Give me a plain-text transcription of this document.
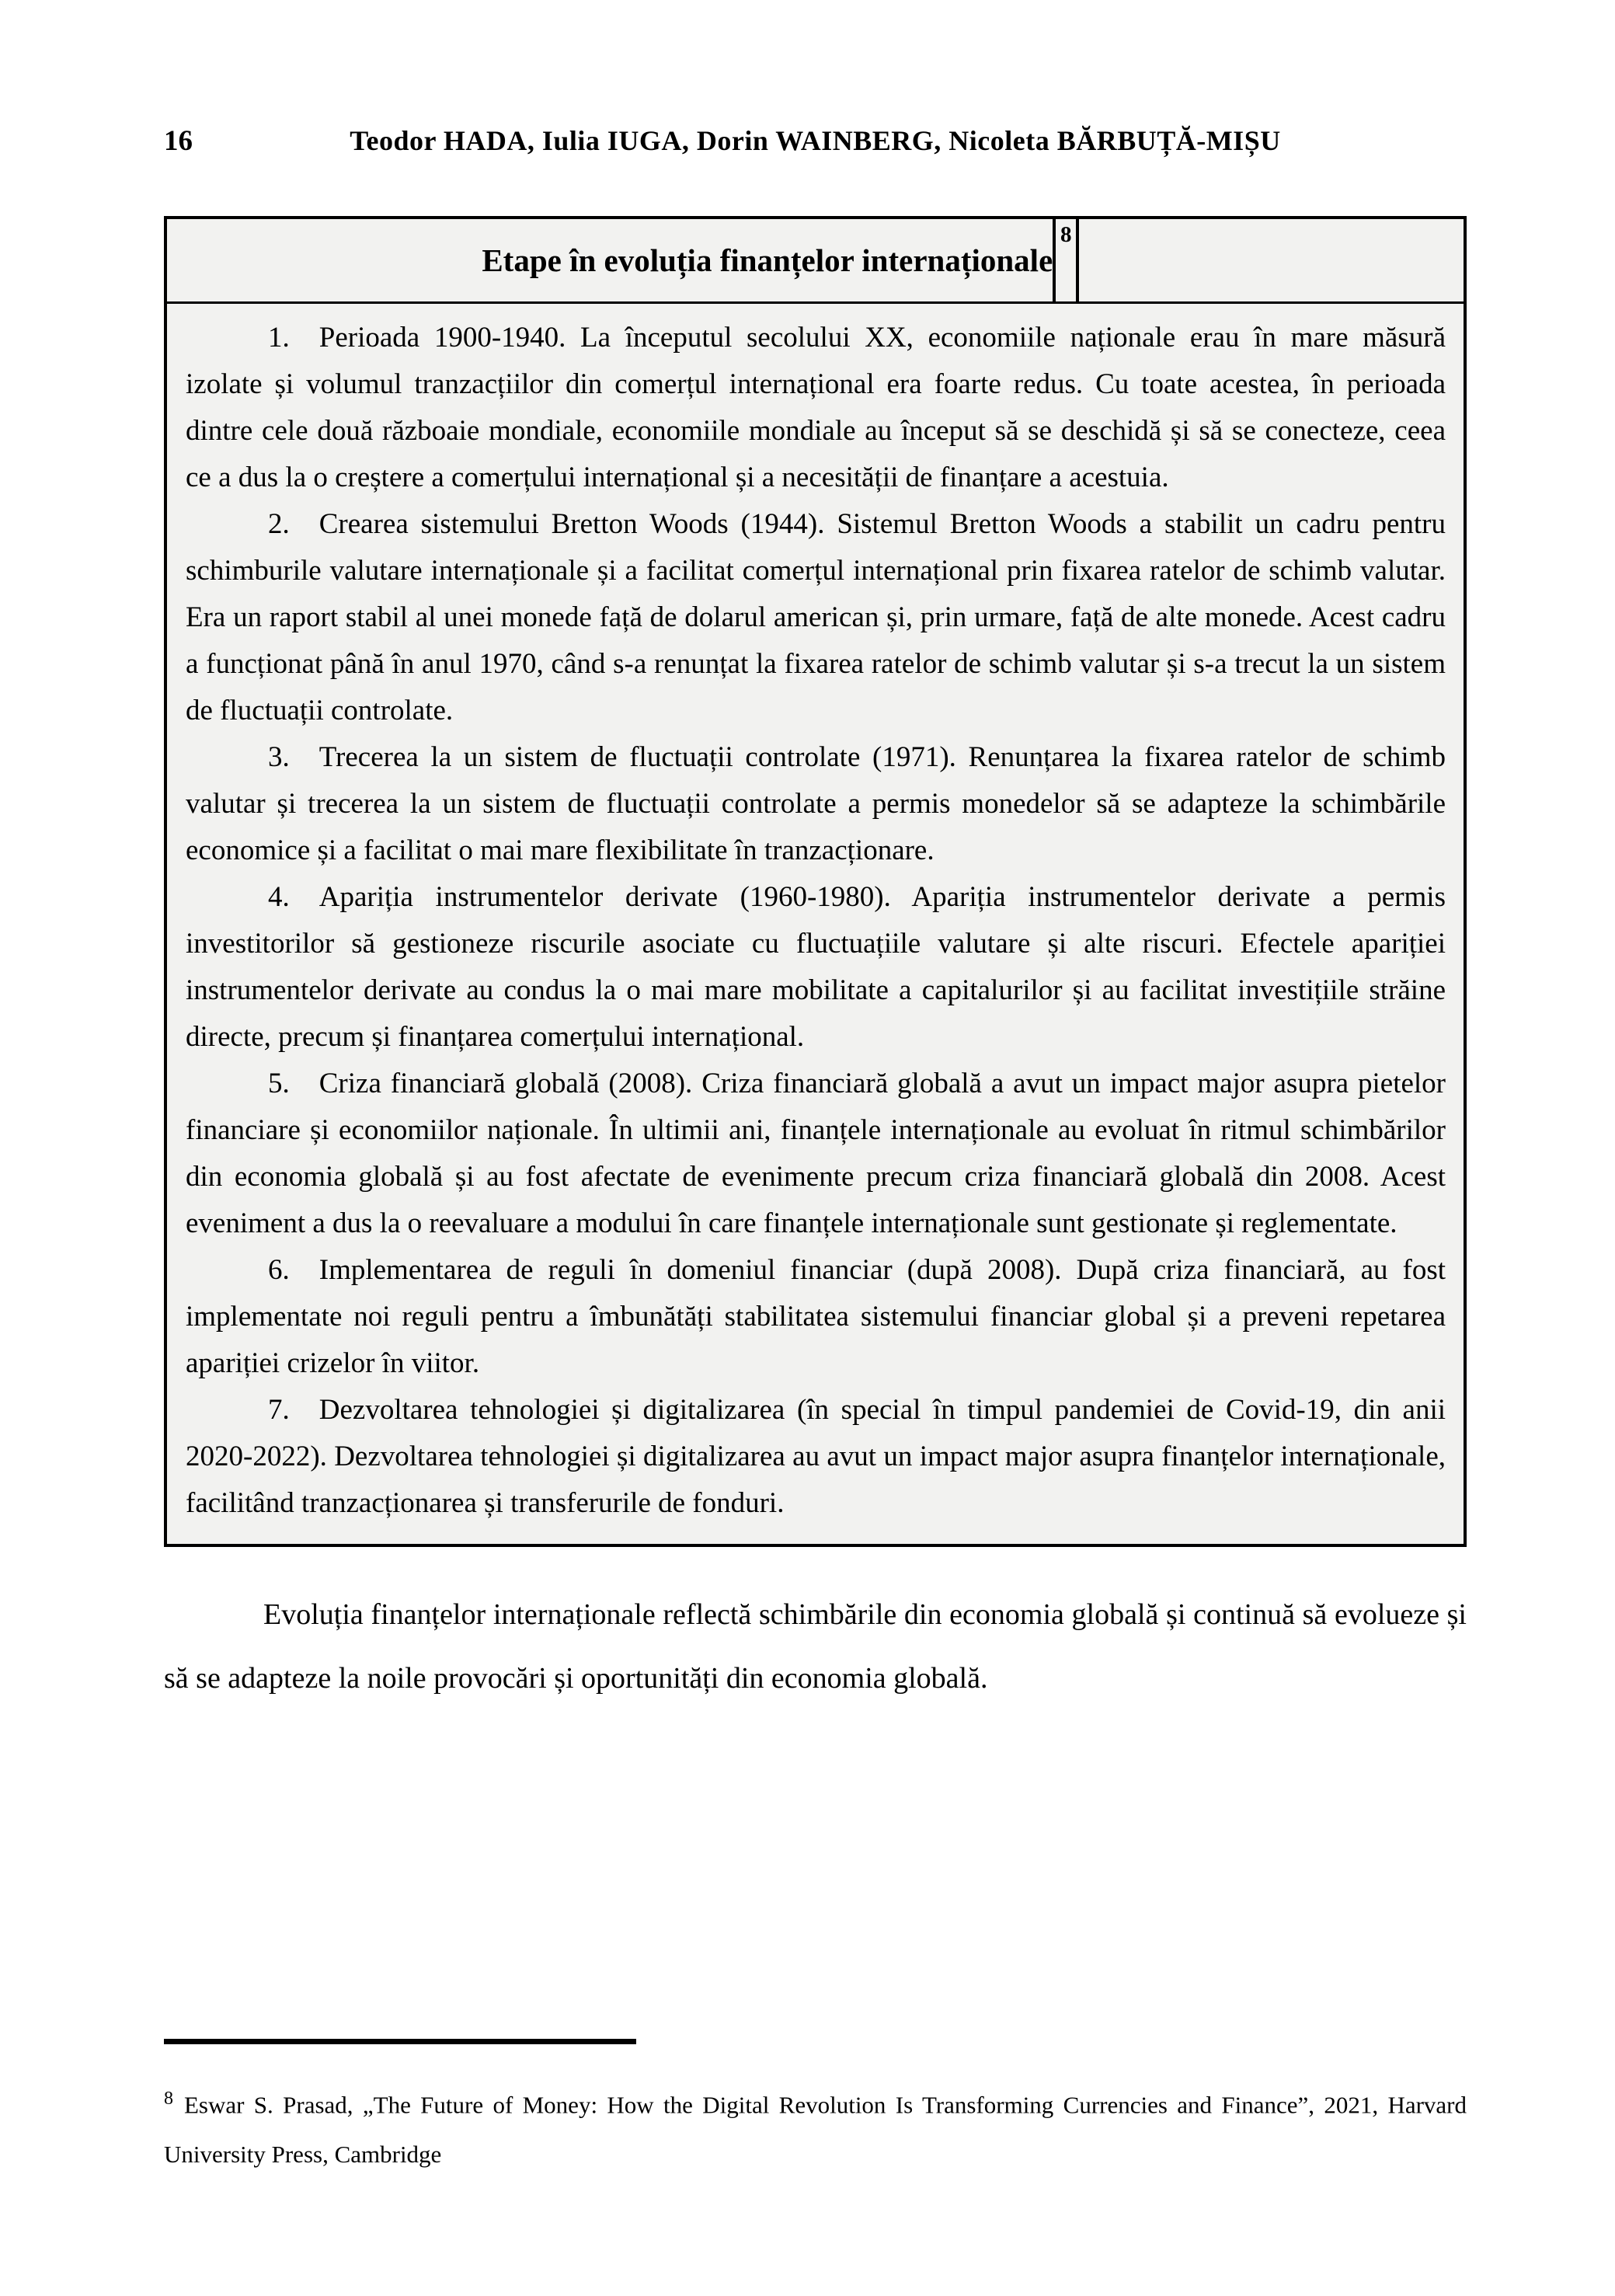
16	Teodor HADA, Iulia IUGA, Dorin WAINBERG, Nicoleta BĂRBUȚĂ-MIȘU
Etape în evoluția finanțelor internaționale
8

1. Perioada 1900-1940. La începutul secolului XX, economiile naționale erau în mare măsură izolate și volumul tranzacțiilor din comerțul internațional era foarte redus. Cu toate acestea, în perioada dintre cele două războaie mondiale, economiile mondiale au început să se deschidă și să se conecteze, ceea ce a dus la o creștere a comerțului internațional și a necesității de finanțare a acestuia.

2. Crearea sistemului Bretton Woods (1944). Sistemul Bretton Woods a stabilit un cadru pentru schimburile valutare internaționale și a facilitat comerțul internațional prin fixarea ratelor de schimb valutar. Era un raport stabil al unei monede față de dolarul american și, prin urmare, față de alte monede. Acest cadru a funcționat până în anul 1970, când s-a renunțat la fixarea ratelor de schimb valutar și s-a trecut la un sistem de fluctuații controlate.

3. Trecerea la un sistem de fluctuații controlate (1971). Renunțarea la fixarea ratelor de schimb valutar și trecerea la un sistem de fluctuații controlate a permis monedelor să se adapteze la schimbările economice și a facilitat o mai mare flexibilitate în tranzacționare.

4. Apariția instrumentelor derivate (1960-1980). Apariția instrumentelor derivate a permis investitorilor să gestioneze riscurile asociate cu fluctuațiile valutare și alte riscuri. Efectele apariției instrumentelor derivate au condus la o mai mare mobilitate a capitalurilor și au facilitat investițiile străine directe, precum și finanțarea comerțului internațional.

5. Criza financiară globală (2008). Criza financiară globală a avut un impact major asupra pietelor financiare și economiilor naționale. În ultimii ani, finanțele internaționale au evoluat în ritmul schimbărilor din economia globală și au fost afectate de evenimente precum criza financiară globală din 2008. Acest eveniment a dus la o reevaluare a modului în care finanțele internaționale sunt gestionate și reglementate.

6. Implementarea de reguli în domeniul financiar (după 2008). După criza financiară, au fost implementate noi reguli pentru a îmbunătăți stabilitatea sistemului financiar global și a preveni repetarea apariției crizelor în viitor.

7. Dezvoltarea tehnologiei și digitalizarea (în special în timpul pandemiei de Covid-19, din anii 2020-2022). Dezvoltarea tehnologiei și digitalizarea au avut un impact major asupra finanțelor internaționale, facilitând tranzacționarea și transferurile de fonduri.

Evoluția finanțelor internaționale reflectă schimbările din economia globală și continuă să evolueze și să se adapteze la noile provocări și oportunități din economia globală.

$^8$ Eswar S. Prasad, „The Future of Money: How the Digital Revolution Is Transforming Currencies and Finance”, 2021, Harvard University Press, Cambridge
